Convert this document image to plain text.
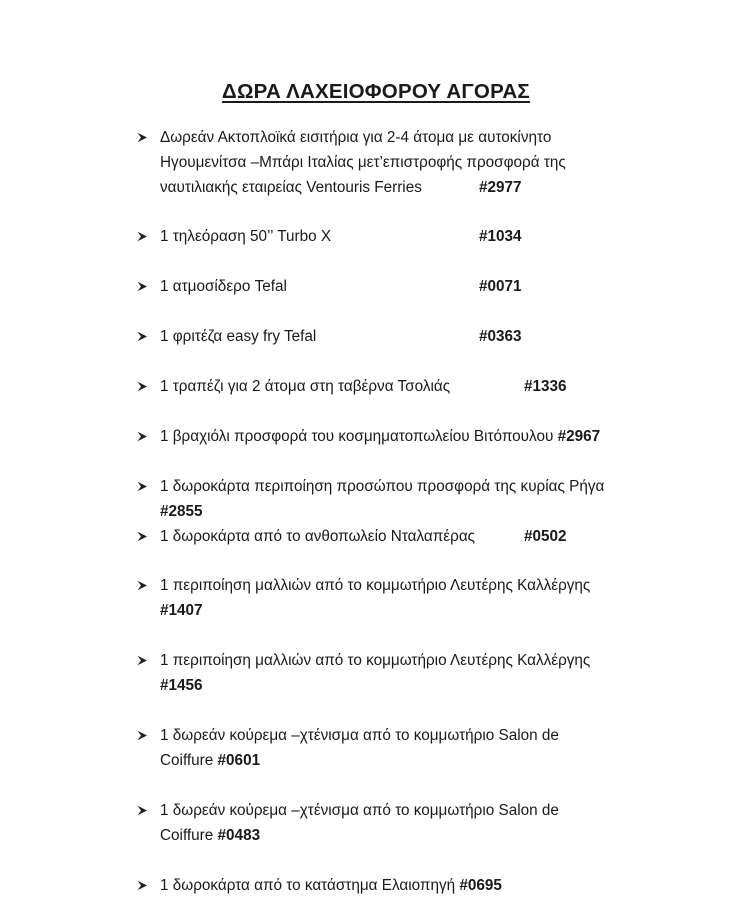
ΔΩΡΑ ΛΑΧΕΙΟΦΟΡΟΥ ΑΓΟΡΑΣ
Δωρεάν Ακτοπλοϊκά εισιτήρια για 2-4 άτομα με αυτοκίνητο
Ηγουμενίτσα –Μπάρι Ιταλίας μετ’επιστροφής προσφορά της
ναυτιλιακής εταιρείας Ventouris Ferries	#2977
1 τηλεόραση 50’’ Turbo X	#1034
1 ατμοσίδερο Tefal	#0071
1 φριτέζα easy fry Tefal	#0363
1 τραπέζι για 2 άτομα στη ταβέρνα Τσολιάς	#1336
1 βραχιόλι προσφορά του κοσμηματοπωλείου Βιτόπουλου #2967
1 δωροκάρτα περιποίηση προσώπου προσφορά της κυρίας Ρήγα
#2855
1 δωροκάρτα από το ανθοπωλείο Νταλαπέρας	#0502
1 περιποίηση μαλλιών από το κομμωτήριο Λευτέρης Καλλέργης
#1407
1 περιποίηση μαλλιών από το κομμωτήριο Λευτέρης Καλλέργης
#1456
1 δωρεάν κούρεμα –χτένισμα από το κομμωτήριο Salon de
Coiffure #0601
1 δωρεάν κούρεμα –χτένισμα από το κομμωτήριο Salon de
Coiffure #0483
1 δωροκάρτα από το κατάστημα Ελαιοπηγή #0695
